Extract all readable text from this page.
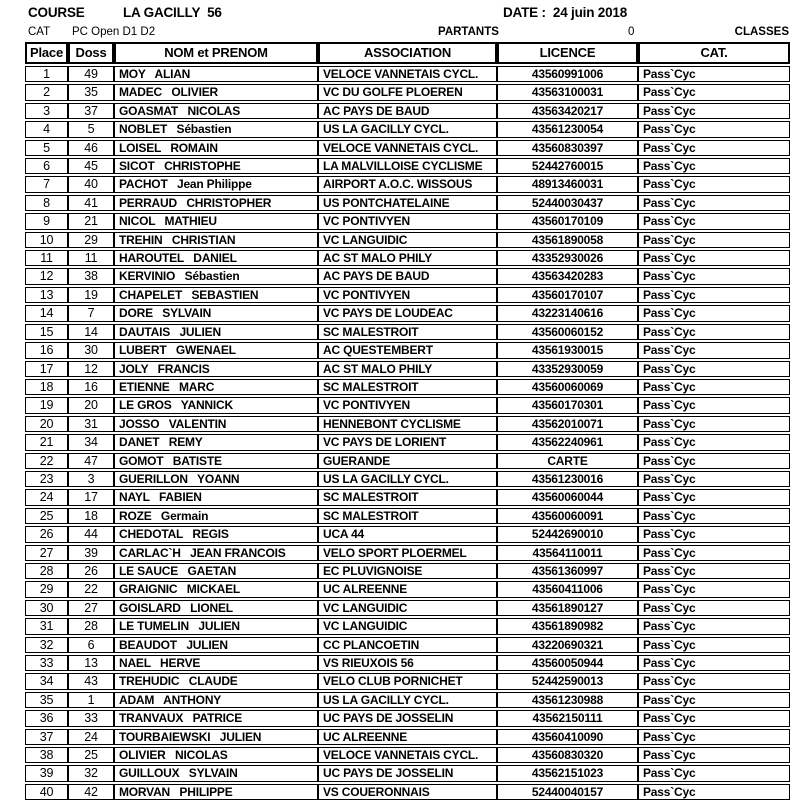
COURSE	LA GACILLY  56	DATE :  24 juin 2018
CAT PC Open D1 D2	PARTANTS	0	CLASSES
Place	Doss	NOM et PRENOM	ASSOCIATION	LICENCE	CAT.
1	49	MOY   ALIAN	VELOCE VANNETAIS CYCL.	43560991006	Pass`Cyc
2	35	MADEC   OLIVIER	VC DU GOLFE PLOEREN	43563100031	Pass`Cyc
3	37	GOASMAT   NICOLAS	AC PAYS DE BAUD	43563420217	Pass`Cyc
4	5	NOBLET   Sébastien	US LA GACILLY CYCL.	43561230054	Pass`Cyc
5	46	LOISEL   ROMAIN	VELOCE VANNETAIS CYCL.	43560830397	Pass`Cyc
6	45	SICOT   CHRISTOPHE	LA MALVILLOISE CYCLISME	52442760015	Pass`Cyc
7	40	PACHOT   Jean Philippe	AIRPORT A.O.C. WISSOUS	48913460031	Pass`Cyc
8	41	PERRAUD   CHRISTOPHER	US PONTCHATELAINE	52440030437	Pass`Cyc
9	21	NICOL   MATHIEU	VC PONTIVYEN	43560170109	Pass`Cyc
10	29	TREHIN   CHRISTIAN	VC LANGUIDIC	43561890058	Pass`Cyc
11	11	HAROUTEL   DANIEL	AC ST MALO PHILY	43352930026	Pass`Cyc
12	38	KERVINIO   Sébastien	AC PAYS DE BAUD	43563420283	Pass`Cyc
13	19	CHAPELET   SEBASTIEN	VC PONTIVYEN	43560170107	Pass`Cyc
14	7	DORE   SYLVAIN	VC PAYS DE LOUDEAC	43223140616	Pass`Cyc
15	14	DAUTAIS   JULIEN	SC MALESTROIT	43560060152	Pass`Cyc
16	30	LUBERT   GWENAEL	AC QUESTEMBERT	43561930015	Pass`Cyc
17	12	JOLY   FRANCIS	AC ST MALO PHILY	43352930059	Pass`Cyc
18	16	ETIENNE   MARC	SC MALESTROIT	43560060069	Pass`Cyc
19	20	LE GROS   YANNICK	VC PONTIVYEN	43560170301	Pass`Cyc
20	31	JOSSO   VALENTIN	HENNEBONT CYCLISME	43562010071	Pass`Cyc
21	34	DANET   REMY	VC PAYS DE LORIENT	43562240961	Pass`Cyc
22	47	GOMOT   BATISTE	GUERANDE	CARTE	Pass`Cyc
23	3	GUERILLON   YOANN	US LA GACILLY CYCL.	43561230016	Pass`Cyc
24	17	NAYL   FABIEN	SC MALESTROIT	43560060044	Pass`Cyc
25	18	ROZE   Germain	SC MALESTROIT	43560060091	Pass`Cyc
26	44	CHEDOTAL   REGIS	UCA 44	52442690010	Pass`Cyc
27	39	CARLAC`H   JEAN FRANCOIS	VELO SPORT PLOERMEL	43564110011	Pass`Cyc
28	26	LE SAUCE   GAETAN	EC PLUVIGNOISE	43561360997	Pass`Cyc
29	22	GRAIGNIC   MICKAEL	UC ALREENNE	43560411006	Pass`Cyc
30	27	GOISLARD   LIONEL	VC LANGUIDIC	43561890127	Pass`Cyc
31	28	LE TUMELIN   JULIEN	VC LANGUIDIC	43561890982	Pass`Cyc
32	6	BEAUDOT   JULIEN	CC PLANCOETIN	43220690321	Pass`Cyc
33	13	NAEL   HERVE	VS RIEUXOIS 56	43560050944	Pass`Cyc
34	43	TREHUDIC   CLAUDE	VELO CLUB PORNICHET	52442590013	Pass`Cyc
35	1	ADAM   ANTHONY	US LA GACILLY CYCL.	43561230988	Pass`Cyc
36	33	TRANVAUX   PATRICE	UC PAYS DE JOSSELIN	43562150111	Pass`Cyc
37	24	TOURBAIEWSKI   JULIEN	UC ALREENNE	43560410090	Pass`Cyc
38	25	OLIVIER   NICOLAS	VELOCE VANNETAIS CYCL.	43560830320	Pass`Cyc
39	32	GUILLOUX   SYLVAIN	UC PAYS DE JOSSELIN	43562151023	Pass`Cyc
40	42	MORVAN   PHILIPPE	VS COUERONNAIS	52440040157	Pass`Cyc
